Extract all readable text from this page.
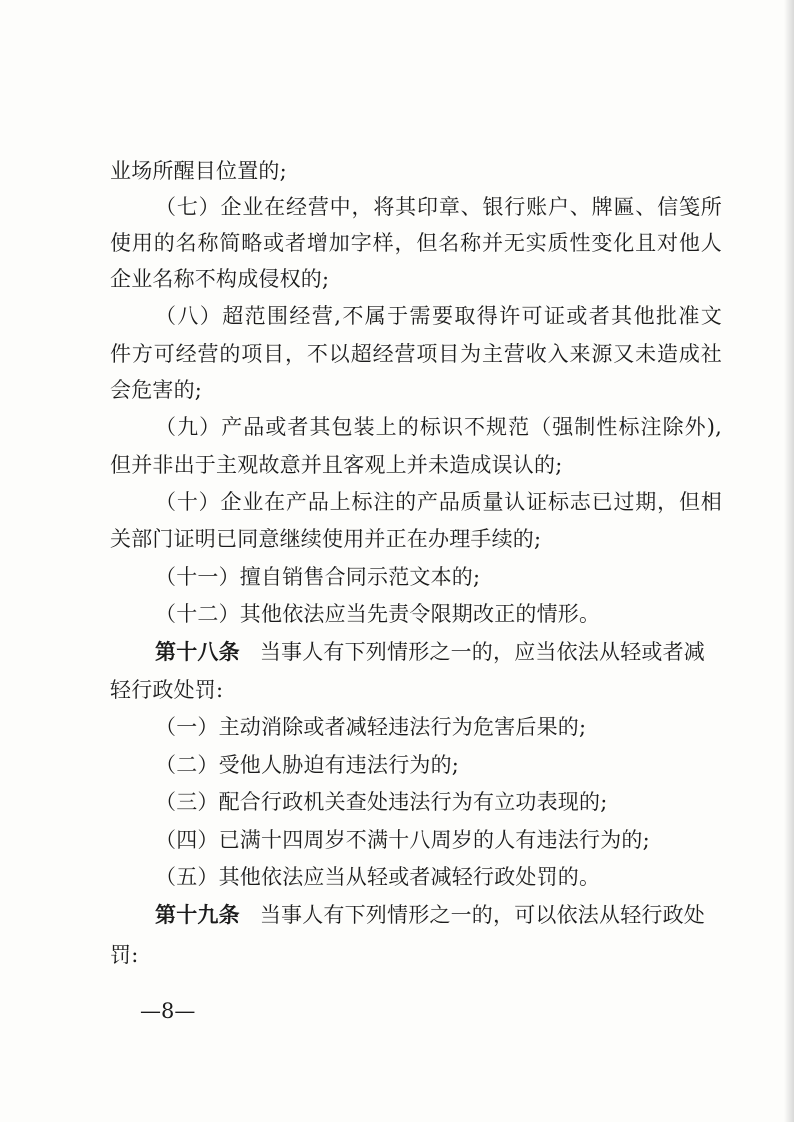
业场所醒目位置的;
（七）企业在经营中，将其印章、银行账户、牌匾、信笺所
使用的名称简略或者增加字样，但名称并无实质性变化且对他人
企业名称不构成侵权的;
（八）超范围经营,不属于需要取得许可证或者其他批准文
件方可经营的项目，不以超经营项目为主营收入来源又未造成社
会危害的;
（九）产品或者其包装上的标识不规范（强制性标注除外),
但并非出于主观故意并且客观上并未造成误认的;
（十）企业在产品上标注的产品质量认证标志已过期，但相
关部门证明已同意继续使用并正在办理手续的;
（十一）擅自销售合同示范文本的;
（十二）其他依法应当先责令限期改正的情形。
第十八条 当事人有下列情形之一的，应当依法从轻或者减
轻行政处罚:
（一）主动消除或者减轻违法行为危害后果的;
（二）受他人胁迫有违法行为的;
（三）配合行政机关查处违法行为有立功表现的;
（四）已满十四周岁不满十八周岁的人有违法行为的;
（五）其他依法应当从轻或者减轻行政处罚的。
第十九条 当事人有下列情形之一的，可以依法从轻行政处
罚:
—8—
